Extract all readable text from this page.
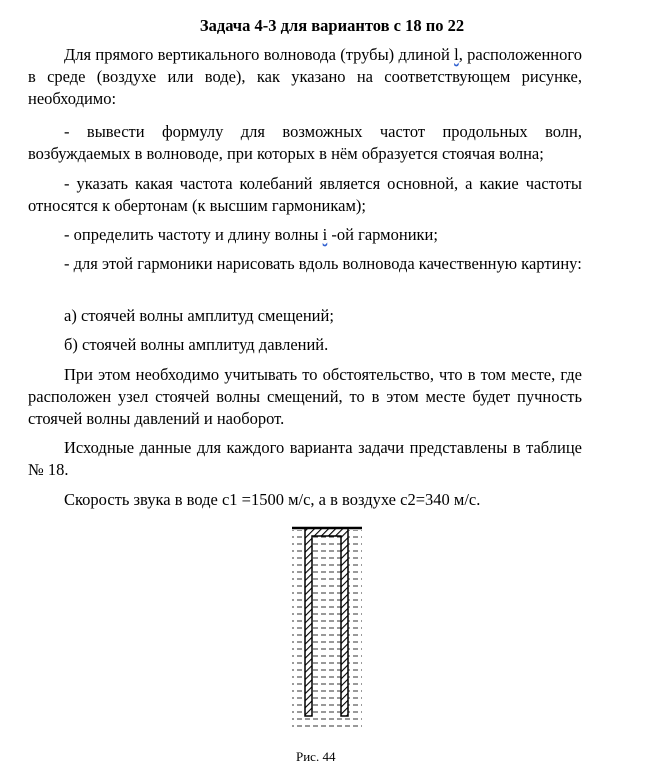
Задача 4-3 для вариантов с 18 по 22

Для прямого вертикального волновода (трубы) длиной l, расположенного в среде (воздухе или воде), как указано на соответствующем рисунке, необходимо:

- вывести формулу для возможных частот продольных волн, возбуждаемых в волноводе, при которых в нём образуется стоячая волна;

- указать какая частота колебаний является основной, а какие частоты относятся к обертонам (к высшим гармоникам);

- определить частоту и длину волны i -ой гармоники;

- для этой гармоники нарисовать вдоль волновода качественную картину:

а) стоячей волны амплитуд смещений;

б) стоячей волны амплитуд давлений.

При этом необходимо учитывать то обстоятельство, что в том месте, где расположен узел стоячей волны смещений, то в этом месте будет пучность стоячей волны давлений и наоборот.

Исходные данные для каждого варианта задачи представлены в таблице № 18.

Скорость звука в воде с1 =1500 м/с, а в воздухе с2=340 м/с.

Рис. 44
